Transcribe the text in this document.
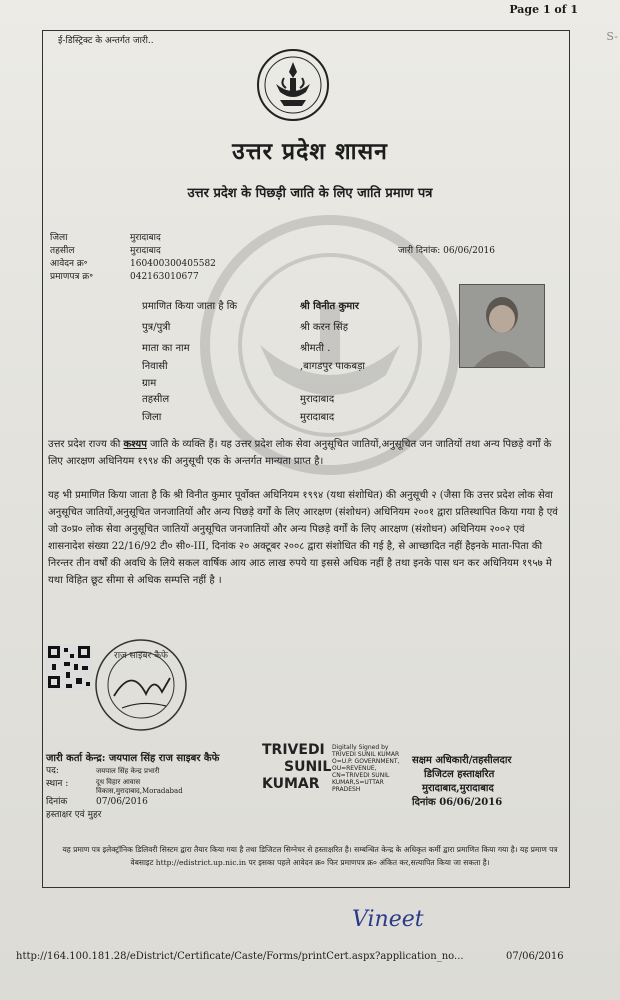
Page 1 of 1
S-
ई-डिस्ट्रिक्ट के अन्तर्गत जारी..
उत्तर प्रदेश शासन
उत्तर प्रदेश के पिछड़ी जाति के लिए जाति प्रमाण पत्र
जिला	मुरादाबाद
तहसील	मुरादाबाद
आवेदन क्र॰	160400300405582
प्रमाणपत्र क्र॰	042163010677
जारी दिनांक: 06/06/2016
प्रमाणित किया जाता है कि	श्री विनीत कुमार
पुत्र/पुत्री	श्री करन सिंह
माता का नाम	श्रीमती .
निवासी	,बागडपुर पाकबड़ा
ग्राम
तहसील	मुरादाबाद
जिला	मुरादाबाद
उत्तर प्रदेश राज्य की कश्यप जाति के व्यक्ति हैं। यह उत्तर प्रदेश लोक सेवा अनुसूचित जातियों,अनुसूचित जन जातियों तथा अन्य पिछड़े वर्गों के लिए आरक्षण अधिनियम १९९४ की अनुसूची एक के अन्तर्गत मान्यता प्राप्त है।
यह भी प्रमाणित किया जाता है कि श्री विनीत कुमार पूर्वोक्त अधिनियम १९९४ (यथा संशोधित) की अनुसूची २ (जैसा कि उत्तर प्रदेश लोक सेवा अनुसूचित जातियों,अनुसूचित जनजातियों और अन्य पिछड़े वर्गों के लिए आरक्षण (संशोधन) अधिनियम २००१ द्वारा प्रतिस्थापित किया गया है एवं जो उ०प्र० लोक सेवा अनुसूचित जातियों अनुसूचित जनजातियों और अन्य पिछड़े वर्गों के लिए आरक्षण (संशोधन) अधिनियम २००२ एवं शासनादेश संख्या 22/16/92 टी० सी०-III, दिनांक २० अक्टूबर २००८ द्वारा संशोधित की गई है, से आच्छादित नहीं हैइनके माता-पिता की निरन्तर तीन वर्षों की अवधि के लिये सकल वार्षिक आय आठ लाख रुपये या इससे अधिक नहीं है तथा इनके पास धन कर अधिनियम १९५७ मे यथा विहित छूट सीमा से अधिक सम्पत्ति नहीं है ।
राज साइबर कैफे
जारी कर्ता केन्द्र: जयपाल सिंह राज साइबर कैफे
पद:	जयपाल सिंह केन्द्र प्रभारी
स्थान :	दूध विहार आवास विकास,मुरादाबाद,Moradabad
दिनांक	07/06/2016
हस्ताक्षर एवं मुहर
TRIVEDI
SUNIL
KUMAR
Digitally Signed by TRIVEDI SUNIL KUMAR O=U.P. GOVERNMENT, OU=REVENUE, CN=TRIVEDI SUNIL KUMAR,S=UTTAR PRADESH
सक्षम अधिकारी/तहसीलदार
डिजिटल हस्ताक्षरित
मुरादाबाद,मुरादाबाद
दिनांक 06/06/2016
यह प्रमाण पत्र इलेक्ट्रॉनिक डिलिवरी सिस्टम द्वारा तैयार किया गया है तथा डिजिटल सिग्नेचर से हस्ताक्षरित है। सम्बन्धित केन्द्र के अधिकृत कर्मी द्वारा प्रमाणित किया गया है। यह प्रमाण पत्र वेबसाइट http://edistrict.up.nic.in पर इसका पहले आवेदन क्र० फिर प्रमाणपत्र क्र० अंकित कर,सत्यापित किया जा सकता है।
Vineet
http://164.100.181.28/eDistrict/Certificate/Caste/Forms/printCert.aspx?application_no...	07/06/2016
